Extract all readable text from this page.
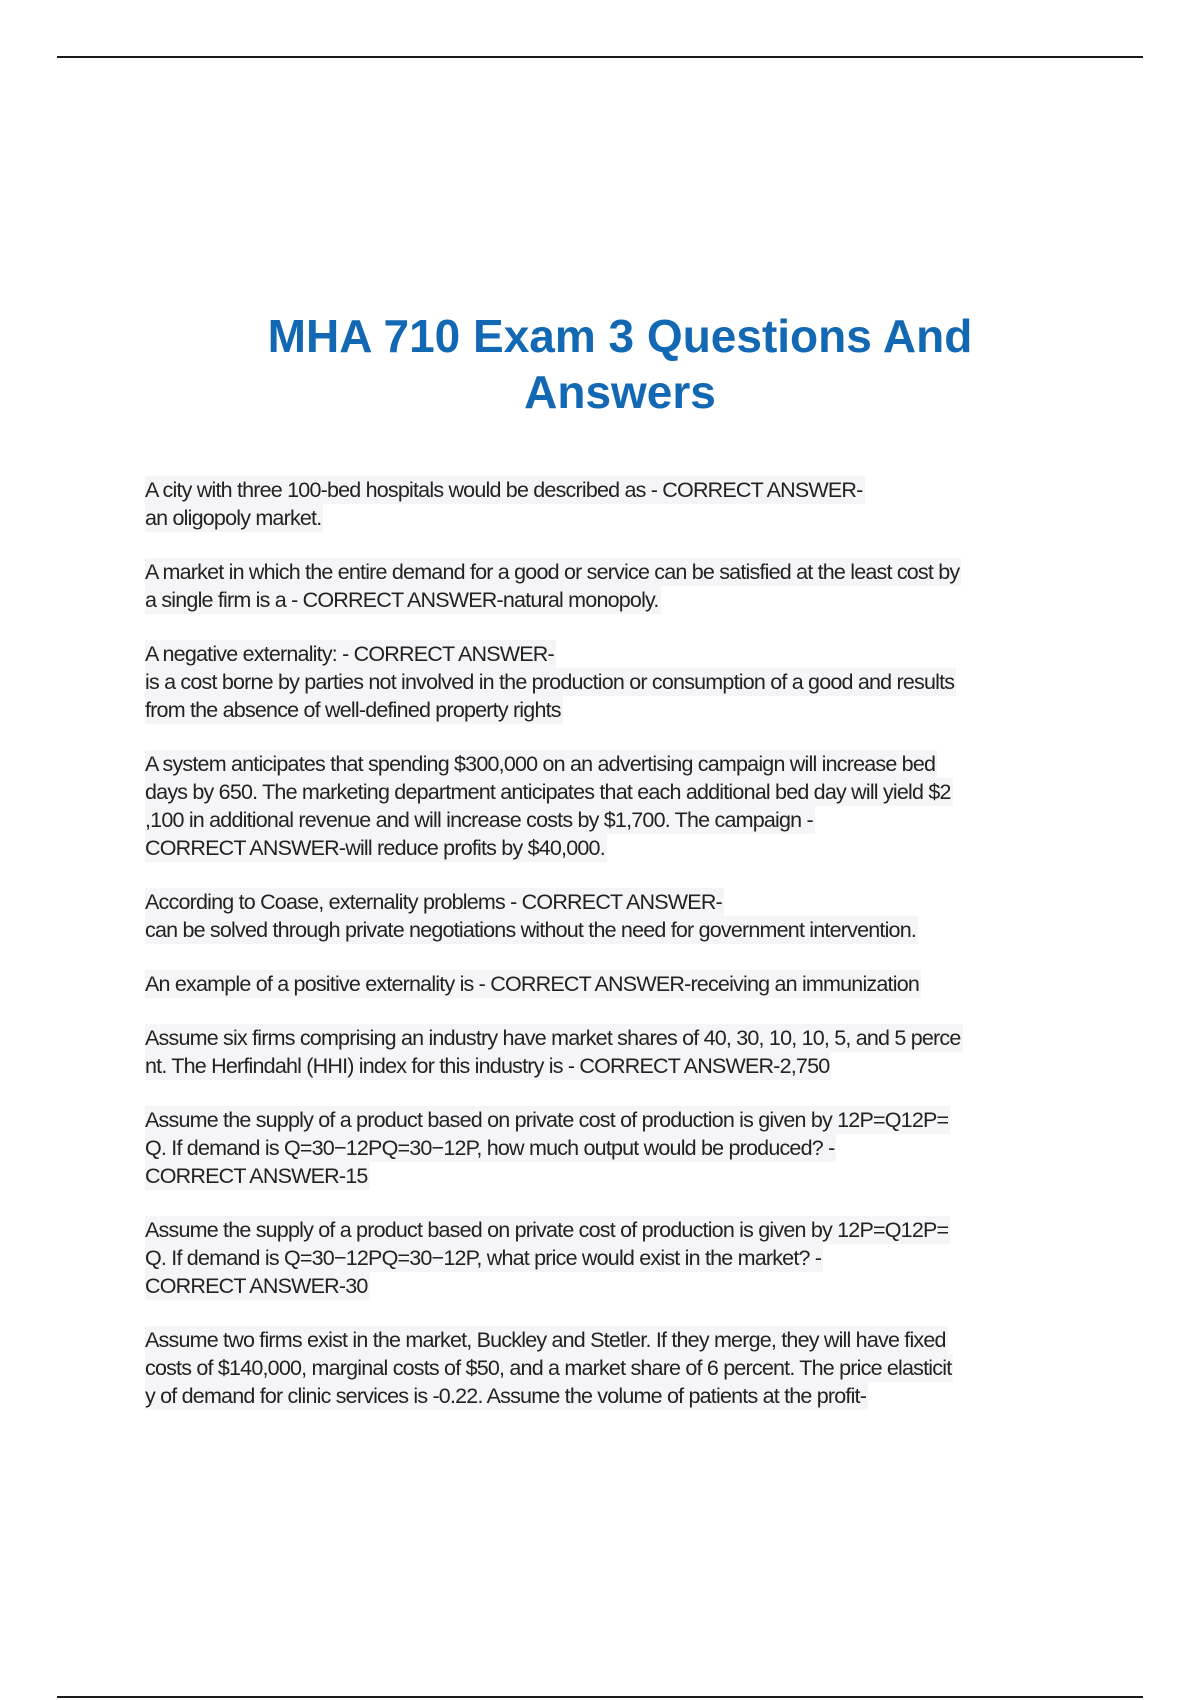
MHA 710 Exam 3 Questions And
Answers
A city with three 100-bed hospitals would be described as - CORRECT ANSWER-
an oligopoly market.
A market in which the entire demand for a good or service can be satisfied at the least cost by
a single firm is a - CORRECT ANSWER-natural monopoly.
A negative externality: - CORRECT ANSWER-
is a cost borne by parties not involved in the production or consumption of a good and results
from the absence of well-defined property rights
A system anticipates that spending $300,000 on an advertising campaign will increase bed
days by 650. The marketing department anticipates that each additional bed day will yield $2
,100 in additional revenue and will increase costs by $1,700. The campaign -
CORRECT ANSWER-will reduce profits by $40,000.
According to Coase, externality problems - CORRECT ANSWER-
can be solved through private negotiations without the need for government intervention.
An example of a positive externality is - CORRECT ANSWER-receiving an immunization
Assume six firms comprising an industry have market shares of 40, 30, 10, 10, 5, and 5 perce
nt. The Herfindahl (HHI) index for this industry is - CORRECT ANSWER-2,750
Assume the supply of a product based on private cost of production is given by 12P=Q12P=
Q. If demand is Q=30−12PQ=30−12P, how much output would be produced? -
CORRECT ANSWER-15
Assume the supply of a product based on private cost of production is given by 12P=Q12P=
Q. If demand is Q=30−12PQ=30−12P, what price would exist in the market? -
CORRECT ANSWER-30
Assume two firms exist in the market, Buckley and Stetler. If they merge, they will have fixed
costs of $140,000, marginal costs of $50, and a market share of 6 percent. The price elasticit
y of demand for clinic services is -0.22. Assume the volume of patients at the profit-
